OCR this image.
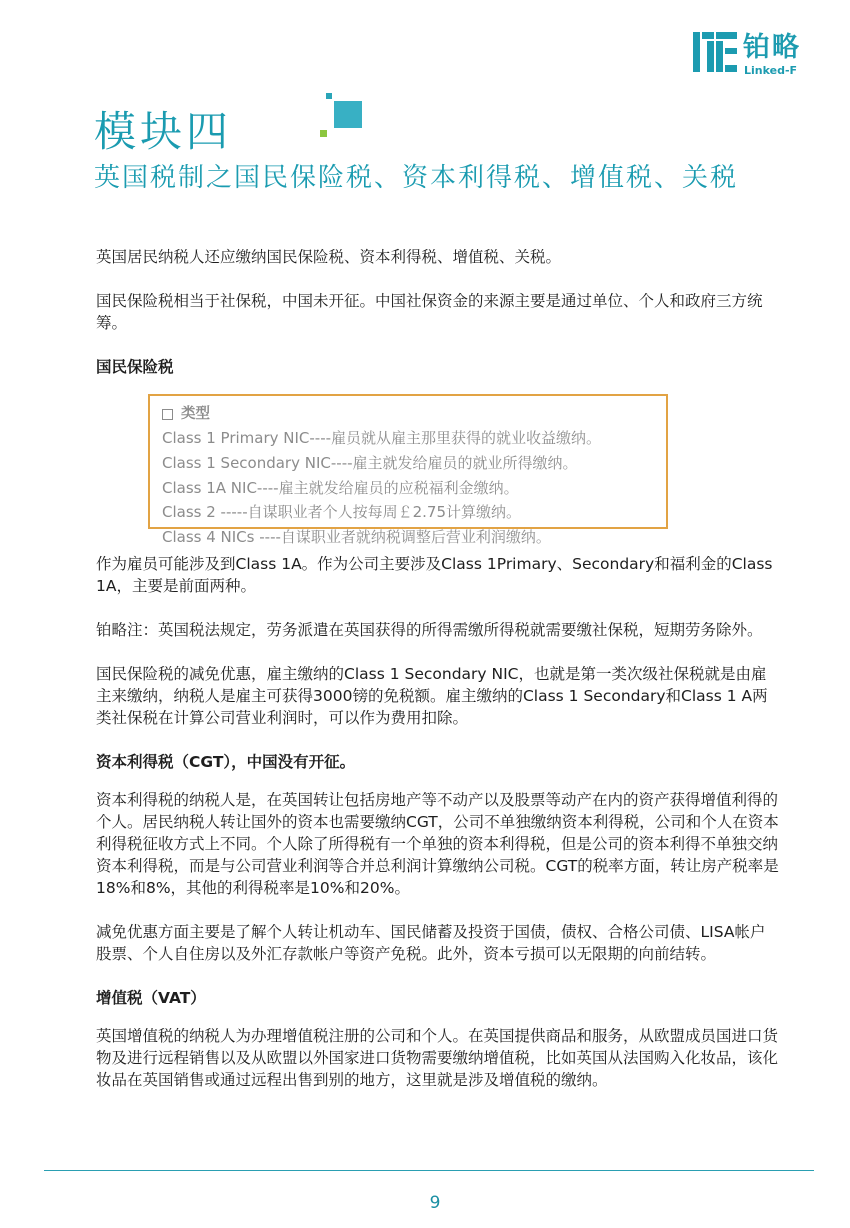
铂略
Linked-F
模块四
英国税制之国民保险税、资本利得税、增值税、关税

英国居民纳税人还应缴纳国民保险税、资本利得税、增值税、关税。

国民保险税相当于社保税，中国未开征。中国社保资金的来源主要是通过单位、个人和政府三方统筹。

国民保险税

类型
Class 1 Primary NIC----雇员就从雇主那里获得的就业收益缴纳。
Class 1 Secondary NIC----雇主就发给雇员的就业所得缴纳。
Class 1A NIC----雇主就发给雇员的应税福利金缴纳。
Class 2 -----自谋职业者个人按每周￡2.75计算缴纳。
Class 4 NICs ----自谋职业者就纳税调整后营业利润缴纳。

作为雇员可能涉及到Class 1A。作为公司主要涉及Class 1Primary、Secondary和福利金的Class 1A，主要是前面两种。

铂略注：英国税法规定，劳务派遣在英国获得的所得需缴所得税就需要缴社保税，短期劳务除外。

国民保险税的减免优惠，雇主缴纳的Class 1 Secondary NIC，也就是第一类次级社保税就是由雇主来缴纳，纳税人是雇主可获得3000镑的免税额。雇主缴纳的Class 1 Secondary和Class 1 A两类社保税在计算公司营业利润时，可以作为费用扣除。

资本利得税（CGT），中国没有开征。

资本利得税的纳税人是，在英国转让包括房地产等不动产以及股票等动产在内的资产获得增值利得的个人。居民纳税人转让国外的资本也需要缴纳CGT，公司不单独缴纳资本利得税，公司和个人在资本利得税征收方式上不同。个人除了所得税有一个单独的资本利得税，但是公司的资本利得不单独交纳资本利得税，而是与公司营业利润等合并总利润计算缴纳公司税。CGT的税率方面，转让房产税率是18%和8%，其他的利得税率是10%和20%。

减免优惠方面主要是了解个人转让机动车、国民储蓄及投资于国债，债权、合格公司债、LISA帐户股票、个人自住房以及外汇存款帐户等资产免税。此外，资本亏损可以无限期的向前结转。

增值税（VAT）

英国增值税的纳税人为办理增值税注册的公司和个人。在英国提供商品和服务，从欧盟成员国进口货物及进行远程销售以及从欧盟以外国家进口货物需要缴纳增值税，比如英国从法国购入化妆品，该化妆品在英国销售或通过远程出售到别的地方，这里就是涉及增值税的缴纳。

9
